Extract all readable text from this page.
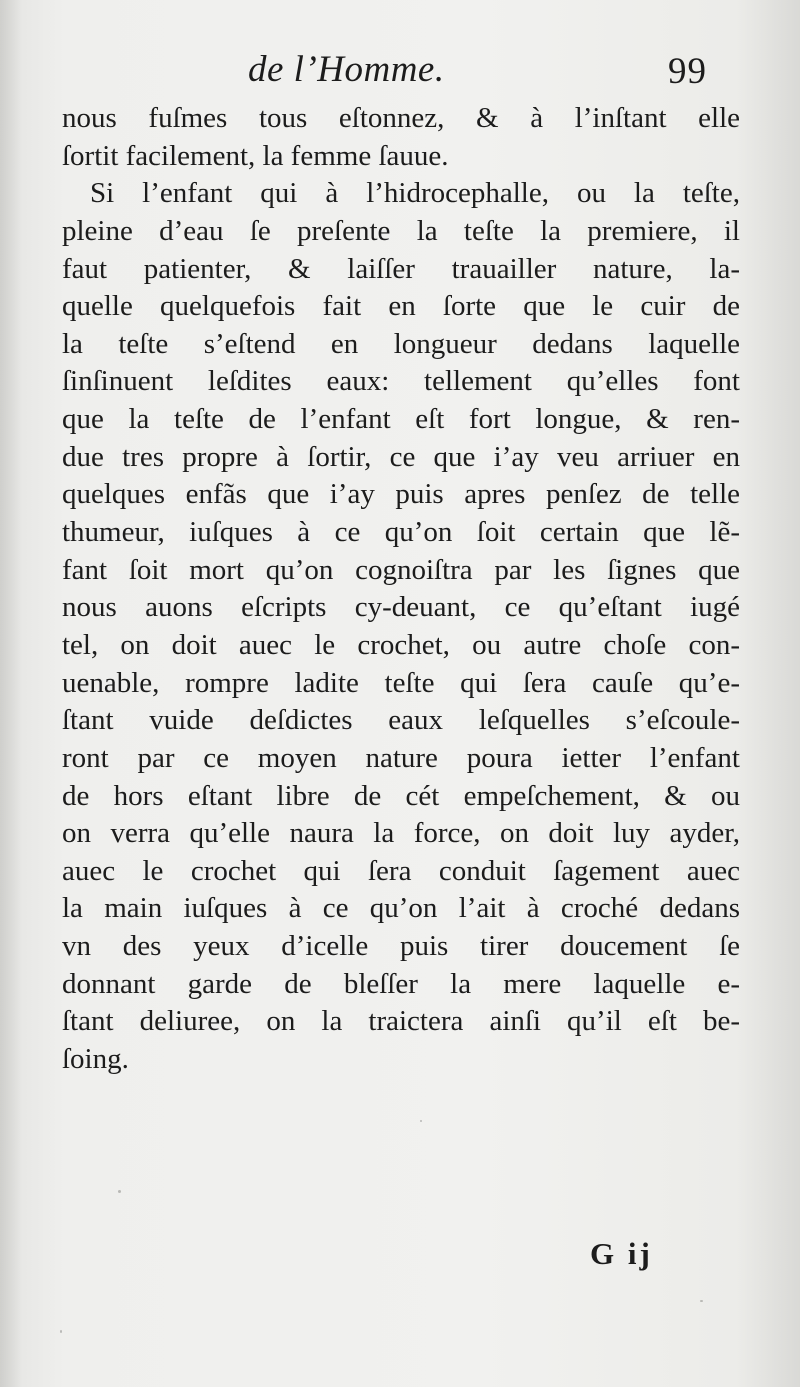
de l’Homme.	99
nous fuſmes tous eſtonnez, & à l’inſtant elle
ſortit facilement, la femme ſauue.
Si l’enfant qui à l’hidrocephalle, ou la teſte,
pleine d’eau ſe preſente la teſte la premiere, il
faut patienter, & laiſſer trauailler nature, la-
quelle quelquefois fait en ſorte que le cuir de
la teſte s’eſtend en longueur dedans laquelle
ſinſinuent leſdites eaux: tellement qu’elles font
que la teſte de l’enfant eſt fort longue, & ren-
due tres propre à ſortir, ce que i’ay veu arriuer en
quelques enfãs que i’ay puis apres penſez de telle
thumeur, iuſques à ce qu’on ſoit certain que lẽ-
fant ſoit mort qu’on cognoiſtra par les ſignes que
nous auons eſcripts cy-deuant, ce qu’eſtant iugé
tel, on doit auec le crochet, ou autre choſe con-
uenable, rompre ladite teſte qui ſera cauſe qu’e-
ſtant vuide deſdictes eaux leſquelles s’eſcoule-
ront par ce moyen nature poura ietter l’enfant
de hors eſtant libre de cét empeſchement, & ou
on verra qu’elle naura la force, on doit luy ayder,
auec le crochet qui ſera conduit ſagement auec
la main iuſques à ce qu’on l’ait à croché dedans
vn des yeux d’icelle puis tirer doucement ſe
donnant garde de bleſſer la mere laquelle e-
ſtant deliuree, on la traictera ainſi qu’il eſt be-
ſoing.
G ij
